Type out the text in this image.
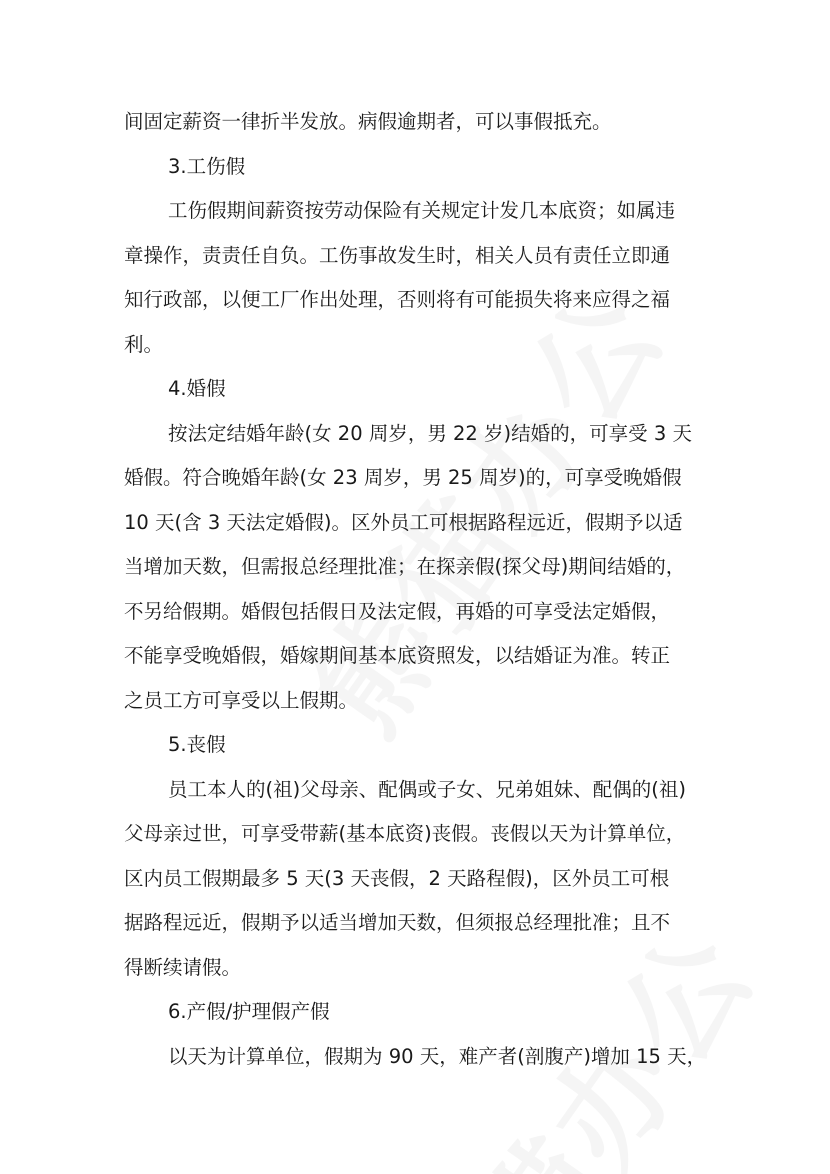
间固定薪资一律折半发放。病假逾期者，可以事假抵充。

3.工伤假

工伤假期间薪资按劳动保险有关规定计发几本底资；如属违

章操作，责责任自负。工伤事故发生时，相关人员有责任立即通

知行政部，以便工厂作出处理，否则将有可能损失将来应得之福

利。

4.婚假

按法定结婚年龄(女 20 周岁，男 22 岁)结婚的，可享受 3 天

婚假。符合晚婚年龄(女 23 周岁，男 25 周岁)的，可享受晚婚假

10 天(含 3 天法定婚假)。区外员工可根据路程远近，假期予以适

当增加天数，但需报总经理批准；在探亲假(探父母)期间结婚的，

不另给假期。婚假包括假日及法定假，再婚的可享受法定婚假，

不能享受晚婚假，婚嫁期间基本底资照发，以结婚证为准。转正

之员工方可享受以上假期。

5.丧假

员工本人的(祖)父母亲、配偶或子女、兄弟姐妹、配偶的(祖)

父母亲过世，可享受带薪(基本底资)丧假。丧假以天为计算单位，

区内员工假期最多 5 天(3 天丧假，2 天路程假)，区外员工可根

据路程远近，假期予以适当增加天数，但须报总经理批准；且不

得断续请假。

6.产假/护理假产假

以天为计算单位，假期为 90 天，难产者(剖腹产)增加 15 天，
